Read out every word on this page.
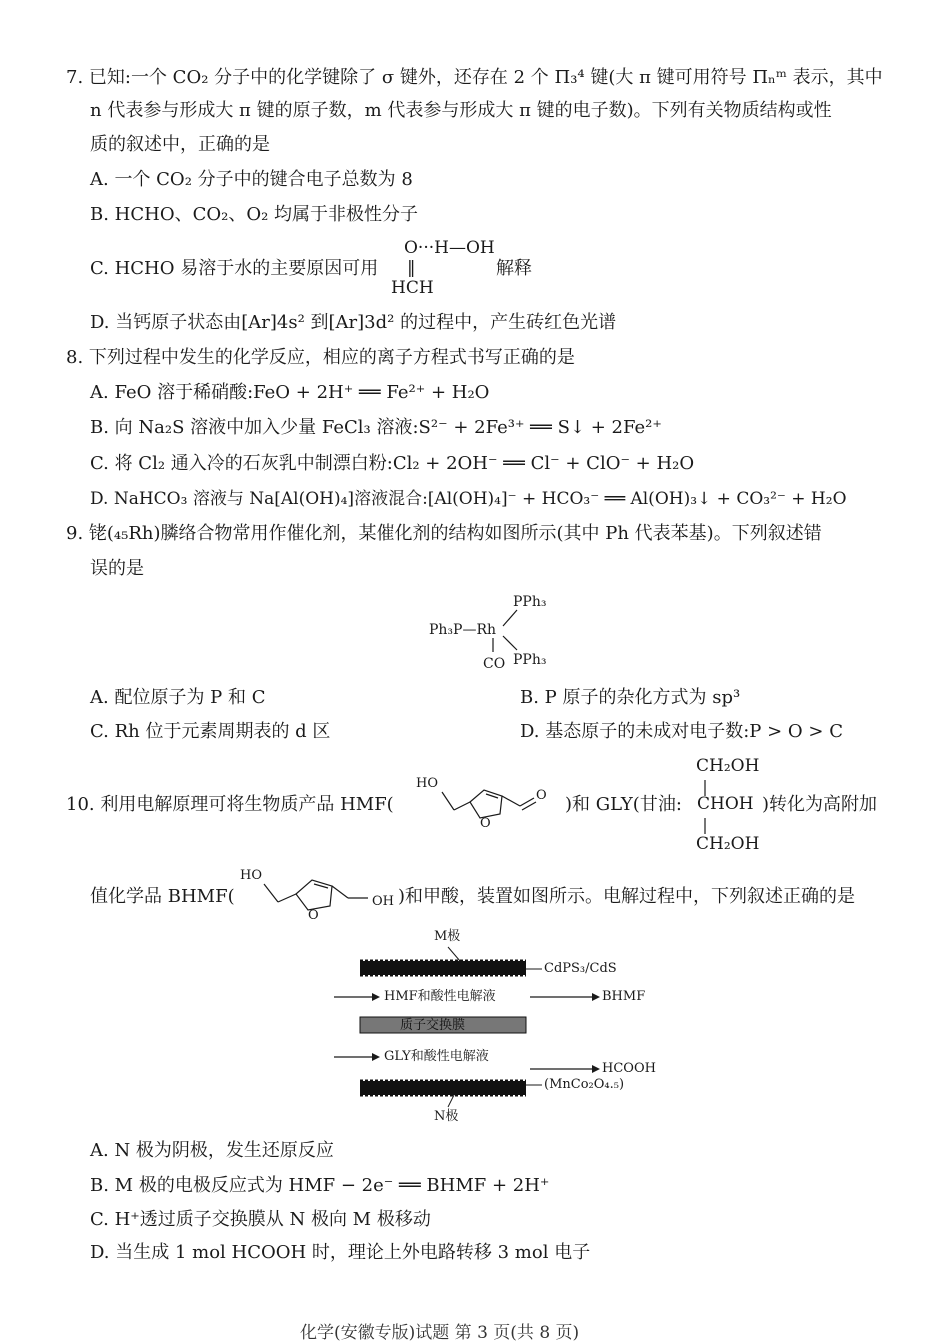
7. 已知:一个 CO₂ 分子中的化学键除了 σ 键外，还存在 2 个 Π₃⁴ 键(大 π 键可用符号 Πₙᵐ 表示，其中
n 代表参与形成大 π 键的原子数，m 代表参与形成大 π 键的电子数)。下列有关物质结构或性
质的叙述中，正确的是
A. 一个 CO₂ 分子中的键合电子总数为 8
B. HCHO、CO₂、O₂ 均属于非极性分子
C. HCHO 易溶于水的主要原因可用
O···H—OH
‖
HCH
解释
D. 当钙原子状态由[Ar]4s² 到[Ar]3d² 的过程中，产生砖红色光谱
8. 下列过程中发生的化学反应，相应的离子方程式书写正确的是
A. FeO 溶于稀硝酸:FeO + 2H⁺ ══ Fe²⁺ + H₂O
B. 向 Na₂S 溶液中加入少量 FeCl₃ 溶液:S²⁻ + 2Fe³⁺ ══ S↓ + 2Fe²⁺
C. 将 Cl₂ 通入冷的石灰乳中制漂白粉:Cl₂ + 2OH⁻ ══ Cl⁻ + ClO⁻ + H₂O
D. NaHCO₃ 溶液与 Na[Al(OH)₄]溶液混合:[Al(OH)₄]⁻ + HCO₃⁻ ══ Al(OH)₃↓ + CO₃²⁻ + H₂O
9. 铑(₄₅Rh)膦络合物常用作催化剂，某催化剂的结构如图所示(其中 Ph 代表苯基)。下列叙述错
误的是
PPh₃
Ph₃P—Rh
CO PPh₃
A. 配位原子为 P 和 C	B. P 原子的杂化方式为 sp³
C. Rh 位于元素周期表的 d 区	D. 基态原子的未成对电子数:P > O > C
10. 利用电解原理可将生物质产品 HMF(
HO
O
O )和 GLY(甘油:
CH₂OH
CHOH
CH₂OH
)转化为高附加
值化学品 BHMF(
HO
O
OH )和甲酸，装置如图所示。电解过程中，下列叙述正确的是
M极
CdPS₃/CdS
HMF和酸性电解液	BHMF
质子交换膜
GLY和酸性电解液
HCOOH
(MnCo₂O₄.₅)
N极
A. N 极为阴极，发生还原反应
B. M 极的电极反应式为 HMF − 2e⁻ ══ BHMF + 2H⁺
C. H⁺透过质子交换膜从 N 极向 M 极移动
D. 当生成 1 mol HCOOH 时，理论上外电路转移 3 mol 电子
化学(安徽专版)试题 第 3 页(共 8 页)
